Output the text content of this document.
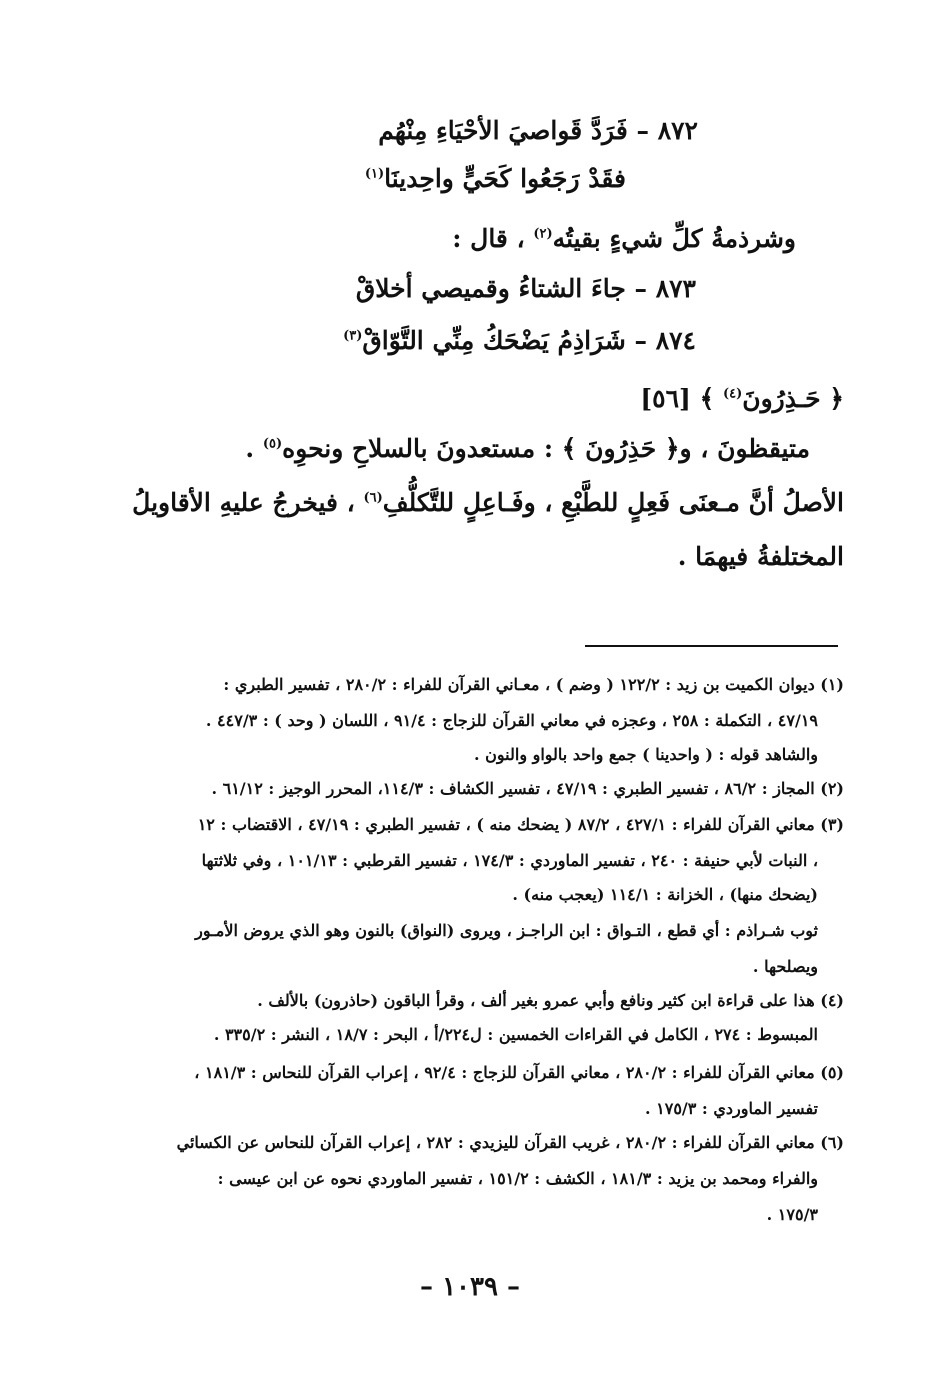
٨٧٢ – فَرَدَّ قَواصيَ الأحْيَاءِ مِنْهُم
فقَدْ رَجَعُوا كَحَيٍّ واحِدينَا$^{(١)}$
وشرذمةُ كلِّ شيءٍ بقيتُه$^{(٢)}$ ، قال :
٨٧٣ – جاءَ الشتاءُ وقميصي أخلاقْ
٨٧٤ – شَرَاذِمُ يَضْحَكُ مِنِّي التَّوّاقْ$^{(٣)}$
﴿ حَـذِرُونَ$^{(٤)}$ ﴾ [٥٦]
متيقظونَ ، و﴿ حَذِرُونَ ﴾ : مستعدونَ بالسلاحِ ونحوِه$^{(٥)}$ .
الأصلُ أنَّ مـعنَى فَعِلٍ للطَّبْعِ ، وفَـاعِلٍ للتَّكلُّفِ$^{(٦)}$ ، فيخرجُ عليهِ الأقاويلُ
المختلفةُ فيهمَا .
(١) ديوان الكميت بن زيد : ١٢٢/٢ ( وضم ) ، معـاني القرآن للفراء : ٢٨٠/٢ ، تفسير الطبري :
٤٧/١٩ ، التكملة : ٢٥٨ ، وعجزه في معاني القرآن للزجاج : ٩١/٤ ، اللسان ( وحد ) : ٤٤٧/٣ .
والشاهد قوله : ( واحدينا ) جمع واحد بالواو والنون .
(٢) المجاز : ٨٦/٢ ، تفسير الطبري : ٤٧/١٩ ، تفسير الكشاف : ١١٤/٣، المحرر الوجيز : ٦١/١٢ .
(٣) معاني القرآن للفراء : ٤٢٧/١ ، ٨٧/٢ ( يضحك منه ) ، تفسير الطبري : ٤٧/١٩ ، الاقتضاب : ١٢
، النبات لأبي حنيفة : ٢٤٠ ، تفسير الماوردي : ١٧٤/٣ ، تفسير القرطبي : ١٠١/١٣ ، وفي ثلاثتها
(يضحك منها) ، الخزانة : ١١٤/١ (يعجب منه) .
ثوب شـراذم : أي قطع ، التـواق : ابن الراجـز ، ويروى (النواق) بالنون وهو الذي يروض الأمـور
ويصلحها .
(٤) هذا على قراءة ابن كثير ونافع وأبي عمرو بغير ألف ، وقرأ الباقون (حاذرون) بالألف .
المبسوط : ٢٧٤ ، الكامل في القراءات الخمسين : ل٢٢٤/أ ، البحر : ١٨/٧ ، النشر : ٣٣٥/٢ .
(٥) معاني القرآن للفراء : ٢٨٠/٢ ، معاني القرآن للزجاج : ٩٢/٤ ، إعراب القرآن للنحاس : ١٨١/٣ ،
تفسير الماوردي : ١٧٥/٣ .
(٦) معاني القرآن للفراء : ٢٨٠/٢ ، غريب القرآن لليزيدي : ٢٨٢ ، إعراب القرآن للنحاس عن الكسائي
والفراء ومحمد بن يزيد : ١٨١/٣ ، الكشف : ١٥١/٢ ، تفسير الماوردي نحوه عن ابن عيسى :
١٧٥/٣ .
– ١٠٣٩ –
